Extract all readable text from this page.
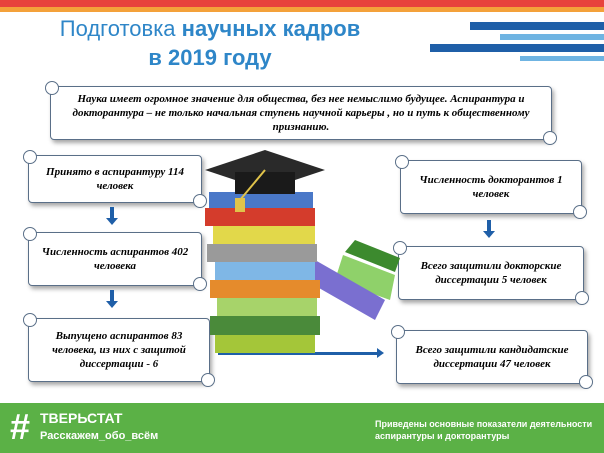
Подготовка научных кадров
в 2019 году
Наука имеет огромное значение для общества, без нее немыслимо будущее. Аспирантура и докторантура – не только начальная ступень научной карьеры , но и путь к общественному признанию.
Принято в аспирантуру 114 человек
Численность аспирантов 402 человека
Выпущено аспирантов 83 человека, из них с защитой диссертации - 6
Численность докторантов 1 человек
Всего защитили докторские диссертации 5 человек
Всего защитили кандидатские диссертации 47 человек
# ТВЕРЬСТАТ
Расскажем_обо_всём
Приведены основные показатели деятельности аспирантуры и докторантуры
